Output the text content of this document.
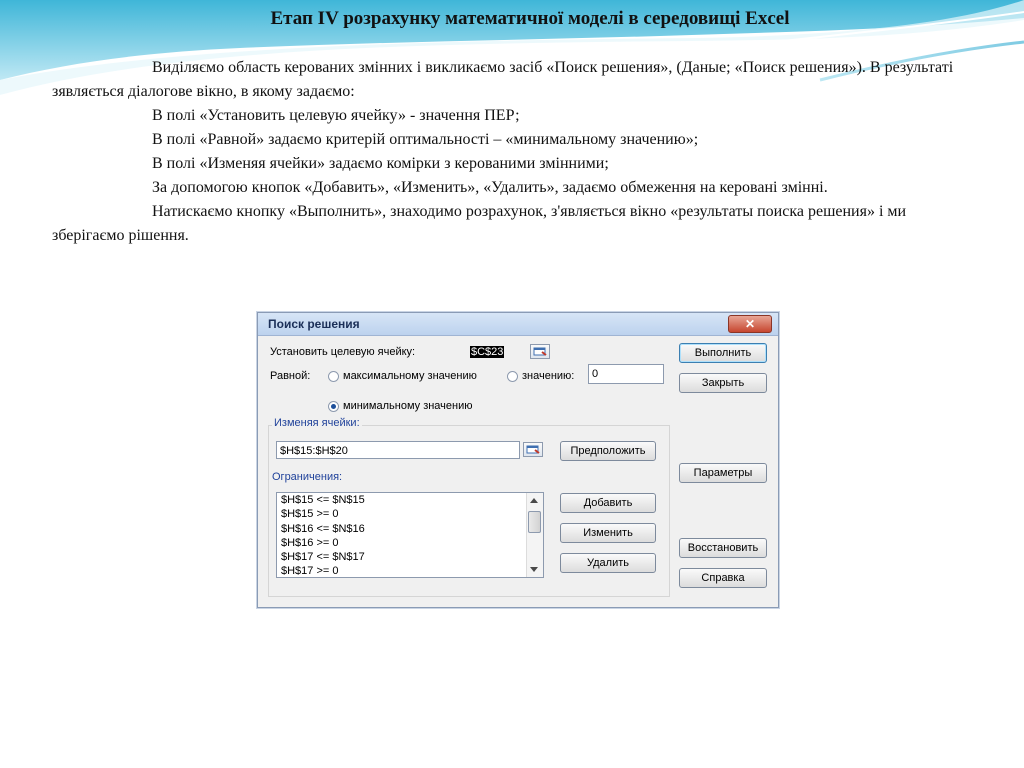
Етап IV розрахунку математичної моделі в середовищі Excel

Виділяємо область керованих змінних і викликаємо засіб «Поиск решения», (Даные; «Поиск решения»). В результаті зявляється діалогове вікно, в якому задаємо:

В полі «Установить целевую ячейку» - значення ПЕР;

В полі «Равной» задаємо критерій оптимальності – «минимальному значению»;

В полі «Изменяя ячейки» задаємо комірки з керованими змінними;

За допомогою кнопок «Добавить», «Изменить», «Удалить», задаємо обмеження на керовані змінні.

Натискаємо кнопку «Выполнить», знаходимо розрахунок, з'являється вікно «результаты поиска решения» і ми зберігаємо рішення.

Поиск решения	✕
Установить целевую ячейку:	$C$23
Равной:	максимальному значению	значению:	0
минимальному значению
Изменяя ячейки:
$H$15:$H$20	Предположить
Ограничения:
$H$15 <= $N$15
$H$15 >= 0
$H$16 <= $N$16
$H$16 >= 0
$H$17 <= $N$17
$H$17 >= 0
Добавить
Изменить
Удалить
Выполнить
Закрыть
Параметры
Восстановить
Справка
